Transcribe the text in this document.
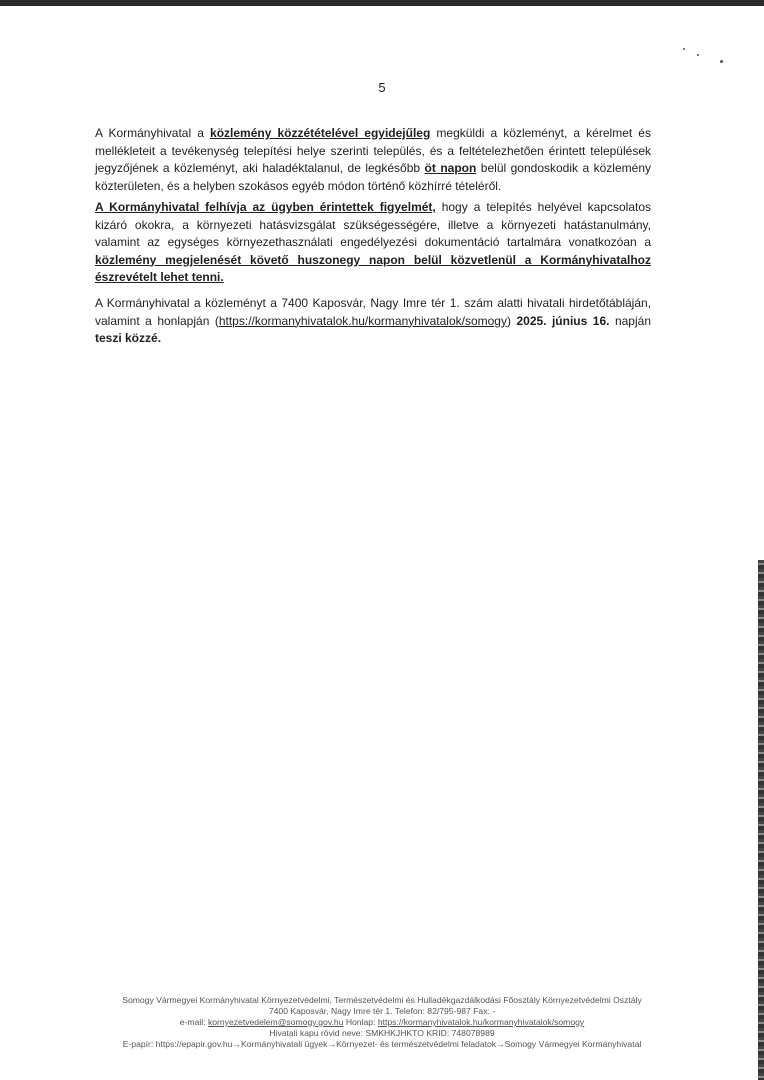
5
A Kormányhivatal a közlemény közzétételével egyidejűleg megküldi a közleményt, a kérelmet és
mellékleteit a tevékenység telepítési helye szerinti település, és a feltételezhetően érintett települések
jegyzőjének a közleményt, aki haladéktalanul, de legkésőbb öt napon belül gondoskodik a közlemény
közterületen, és a helyben szokásos egyéb módon történő közhírré tételéről.
A Kormányhivatal felhívja az ügyben érintettek figyelmét, hogy a telepítés helyével kapcsolatos
kizáró okokra, a környezeti hatásvizsgálat szükségességére, illetve a környezeti hatástanulmány,
valamint az egységes környezethasználati engedélyezési dokumentáció tartalmára vonatkozóan a
közlemény megjelenését követő huszonegy napon belül közvetlenül a Kormányhivatalhoz
észrevételt lehet tenni.
A Kormányhivatal a közleményt a 7400 Kaposvár, Nagy Imre tér 1. szám alatti hivatali hirdetőtábláján,
valamint a honlapján (https://kormanyhivatalok.hu/kormanyhivatalok/somogy) 2025. június 16. napján
teszi közzé.
Somogy Vármegyei Kormányhivatal Környezetvédelmi, Természetvédelmi és Hulladékgazdálkodási Főosztály Környezetvédelmi Osztály
7400 Kaposvár, Nagy Imre tér 1. Telefon: 82/795-987 Fax: -
e-mail: kornyezetvedelem@somogy.gov.hu Honlap: https://kormanyhivatalok.hu/kormanyhivatalok/somogy
Hivatali kapu rövid neve: SMKHKJHKTO KRID: 748078989
E-papír: https://epapir.gov.hu→Kormányhivatali ügyek→Környezet- és természetvédelmi feladatok→Somogy Vármegyei Kormányhivatal
